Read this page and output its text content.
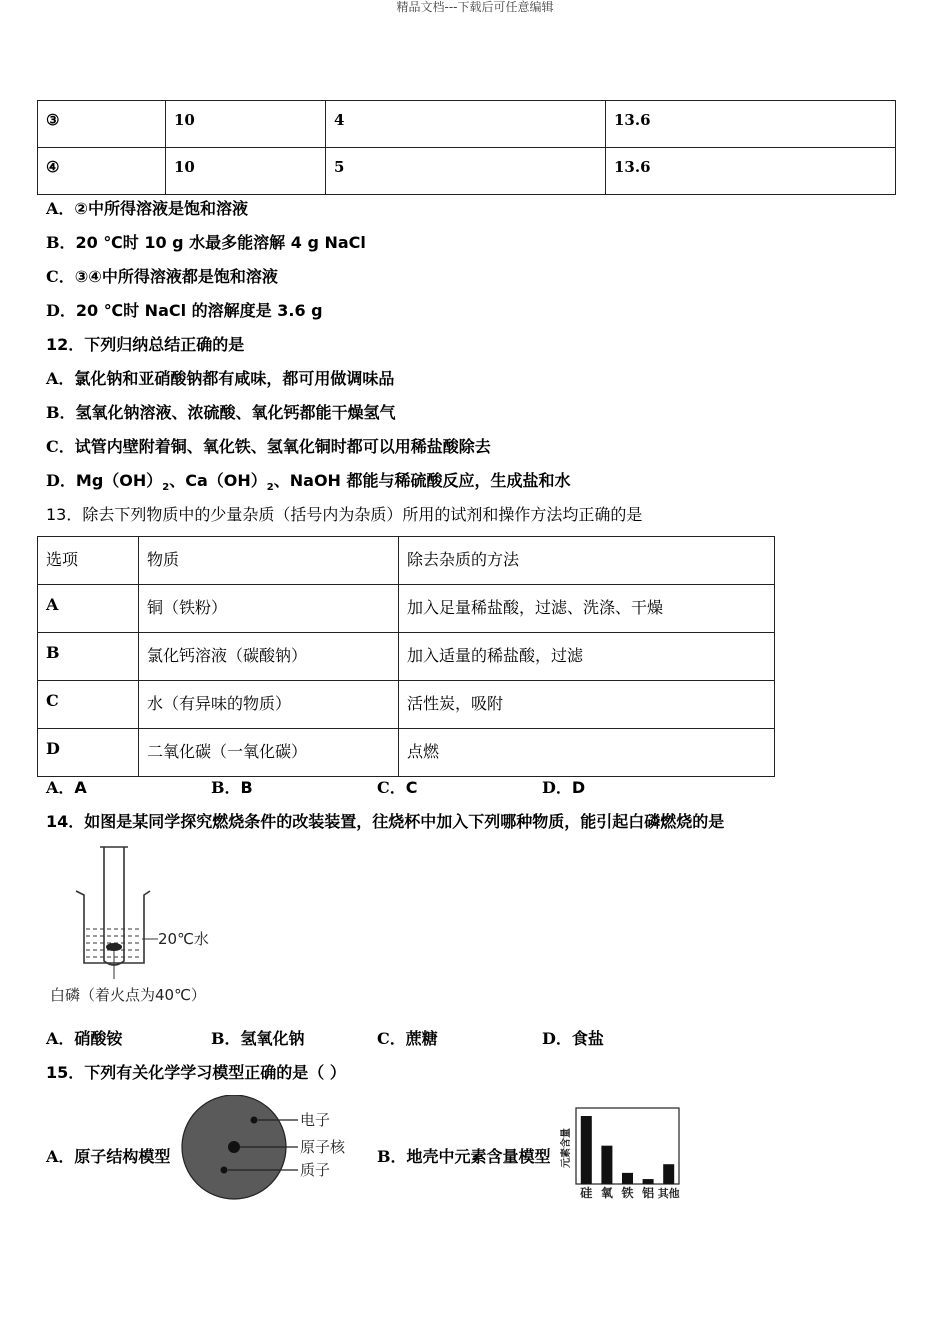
精品文档---下载后可任意编辑
③	10	4	13.6
④	10	5	13.6
A．②中所得溶液是饱和溶液
B．20 ℃时 10 g 水最多能溶解 4 g NaCl
C．③④中所得溶液都是饱和溶液
D．20 ℃时 NaCl 的溶解度是 3.6 g
12．下列归纳总结正确的是
A．氯化钠和亚硝酸钠都有咸味，都可用做调味品
B．氢氧化钠溶液、浓硫酸、氧化钙都能干燥氢气
C．试管内壁附着铜、氧化铁、氢氧化铜时都可以用稀盐酸除去
D．$Mg(OH)_2$、$Ca(OH)_2$、NaOH 都能与稀硫酸反应，生成盐和水
13．除去下列物质中的少量杂质（括号内为杂质）所用的试剂和操作方法均正确的是
选项	物质	除去杂质的方法
A	铜（铁粉）	加入足量稀盐酸，过滤、洗涤、干燥
B	氯化钙溶液（碳酸钠）	加入适量的稀盐酸，过滤
C	水（有异味的物质）	活性炭，吸附
D	二氧化碳（一氧化碳）	点燃
A．A	B．B	C．C	D．D
14．如图是某同学探究燃烧条件的改装装置，往烧杯中加入下列哪种物质，能引起白磷燃烧的是
20℃水
白磷（着火点为40℃）
A．硝酸铵	B．氢氧化钠	C．蔗糖	D．食盐
15．下列有关化学学习模型正确的是（ ）
A．原子结构模型
电子
原子核
质子
B．地壳中元素含量模型 元素含量
硅 氧 铁 铝 其他
